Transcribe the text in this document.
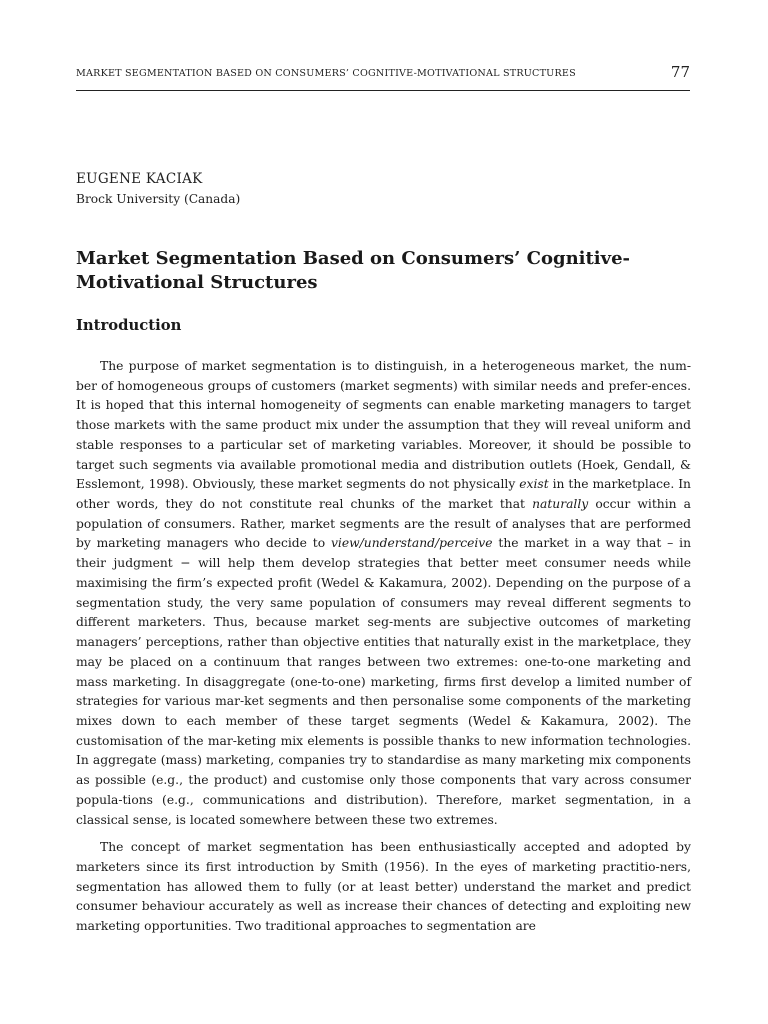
MARKET SEGMENTATION BASED ON CONSUMERS’ COGNITIVE-MOTIVATIONAL STRUCTURES	77
EUGENE KACIAK
Brock University (Canada)
Market Segmentation Based on Consumers’ Cognitive-
Motivational Structures
Introduction

The purpose of market segmentation is to distinguish, in a heterogeneous market, the num-ber of homogeneous groups of customers (market segments) with similar needs and prefer-ences. It is hoped that this internal homogeneity of segments can enable marketing managers to target those markets with the same product mix under the assumption that they will reveal uniform and stable responses to a particular set of marketing variables. Moreover, it should be possible to target such segments via available promotional media and distribution outlets (Hoek, Gendall, & Esslemont, 1998). Obviously, these market segments do not physically exist in the marketplace. In other words, they do not constitute real chunks of the market that naturally occur within a population of consumers. Rather, market segments are the result of analyses that are performed by marketing managers who decide to view/understand/perceive the market in a way that – in their judgment − will help them develop strategies that better meet consumer needs while maximising the firm’s expected profit (Wedel & Kakamura, 2002). Depending on the purpose of a segmentation study, the very same population of consumers may reveal different segments to different marketers. Thus, because market seg-ments are subjective outcomes of marketing managers’ perceptions, rather than objective entities that naturally exist in the marketplace, they may be placed on a continuum that ranges between two extremes: one-to-one marketing and mass marketing. In disaggregate (one-to-one) marketing, firms first develop a limited number of strategies for various mar-ket segments and then personalise some components of the marketing mixes down to each member of these target segments (Wedel & Kakamura, 2002). The customisation of the mar-keting mix elements is possible thanks to new information technologies. In aggregate (mass) marketing, companies try to standardise as many marketing mix components as possible (e.g., the product) and customise only those components that vary across consumer popula-tions (e.g., communications and distribution). Therefore, market segmentation, in a classical sense, is located somewhere between these two extremes.

The concept of market segmentation has been enthusiastically accepted and adopted by marketers since its first introduction by Smith (1956). In the eyes of marketing practitio-ners, segmentation has allowed them to fully (or at least better) understand the market and predict consumer behaviour accurately as well as increase their chances of detecting and exploiting new marketing opportunities. Two traditional approaches to segmentation are
